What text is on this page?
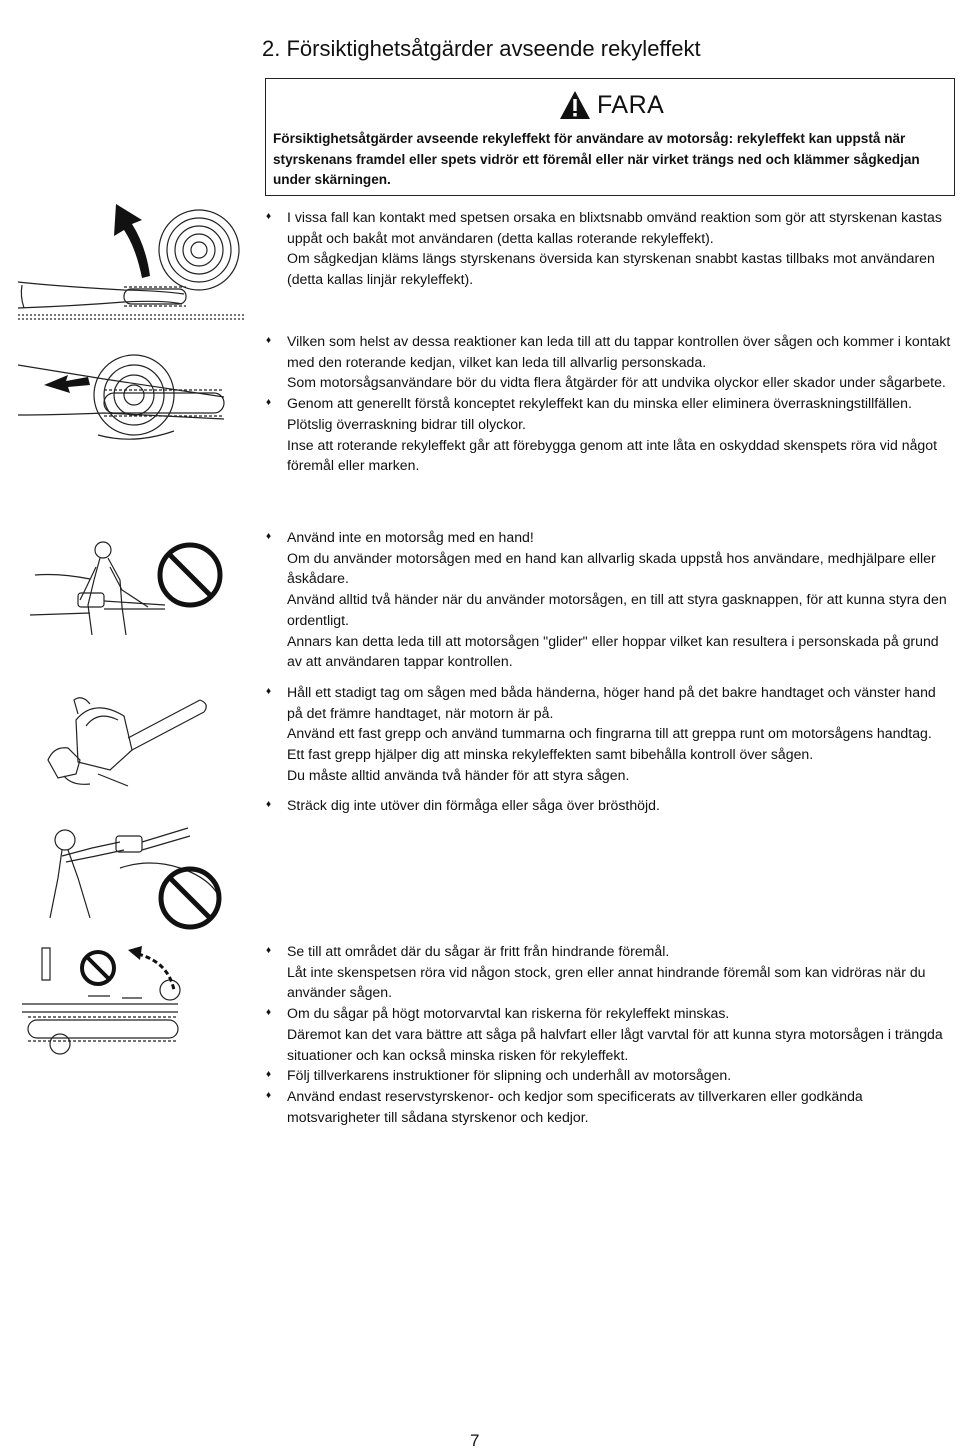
2. Försiktighetsåtgärder avseende rekyleffekt
FARA
Försiktighetsåtgärder avseende rekyleffekt för användare av motorsåg: rekyleffekt kan uppstå när styrskenans framdel eller spets vidrör ett föremål eller när virket trängs ned och klämmer sågkedjan under skärningen.
♦ I vissa fall kan kontakt med spetsen orsaka en blixtsnabb omvänd reaktion som gör att styrskenan kastas uppåt och bakåt mot användaren (detta kallas roterande rekyleffekt).
Om sågkedjan kläms längs styrskenans översida kan styrskenan snabbt kastas tillbaks mot användaren (detta kallas linjär rekyleffekt).
♦ Vilken som helst av dessa reaktioner kan leda till att du tappar kontrollen över sågen och kommer i kontakt med den roterande kedjan, vilket kan leda till allvarlig personskada.
Som motorsågsanvändare bör du vidta flera åtgärder för att undvika olyckor eller skador under sågarbete.
♦ Genom att generellt förstå konceptet rekyleffekt kan du minska eller eliminera överraskningstillfällen.
Plötslig överraskning bidrar till olyckor.
Inse att roterande rekyleffekt går att förebygga genom att inte låta en oskyddad skenspets röra vid något föremål eller marken.
♦ Använd inte en motorsåg med en hand!
Om du använder motorsågen med en hand kan allvarlig skada uppstå hos användare, medhjälpare eller åskådare.
Använd alltid två händer när du använder motorsågen, en till att styra gasknappen, för att kunna styra den ordentligt.
Annars kan detta leda till att motorsågen "glider" eller hoppar vilket kan resultera i personskada på grund av att användaren tappar kontrollen.
♦ Håll ett stadigt tag om sågen med båda händerna, höger hand på det bakre handtaget och vänster hand på det främre handtaget, när motorn är på.
Använd ett fast grepp och använd tummarna och fingrarna till att greppa runt om motorsågens handtag.
Ett fast grepp hjälper dig att minska rekyleffekten samt bibehålla kontroll över sågen.
Du måste alltid använda två händer för att styra sågen.
♦ Sträck dig inte utöver din förmåga eller såga över brösthöjd.
♦ Se till att området där du sågar är fritt från hindrande föremål.
Låt inte skenspetsen röra vid någon stock, gren eller annat hindrande föremål som kan vidröras när du använder sågen.
♦ Om du sågar på högt motorvarvtal kan riskerna för rekyleffekt minskas.
Däremot kan det vara bättre att såga på halvfart eller lågt varvtal för att kunna styra motorsågen i trängda situationer och kan också minska risken för rekyleffekt.
♦ Följ tillverkarens instruktioner för slipning och underhåll av motorsågen.
♦ Använd endast reservstyrskenor- och kedjor som specificerats av tillverkaren eller godkända motsvarigheter till sådana styrskenor och kedjor.
7
